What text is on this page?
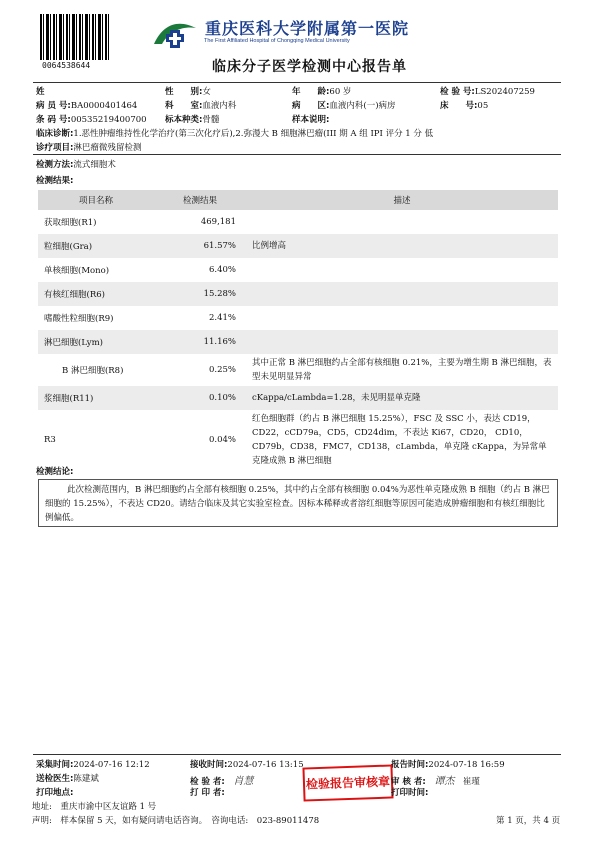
0064538644
重庆医科大学附属第一医院
The First Affiliated Hospital of Chongqing Medical University
临床分子医学检测中心报告单
姓	性　　别:女	年　　龄:60 岁	检 验 号:LS202407259
病 员 号:BA0000401464	科　　室:血液内科	病　　区:血液内科(一)病房	床　　号:05
条 码 号:00535219400700 标本种类:骨髓	样本说明:
临床诊断:1.恶性肿瘤维持性化学治疗(第三次化疗后),2.弥漫大 B 细胞淋巴瘤(III 期 A 组 IPI 评分 1 分 低
诊疗项目:淋巴瘤微残留检测
检测方法:流式细胞术
检测结果:
项目名称	检测结果	描述
获取细胞(R1)	469,181	
粒细胞(Gra)	61.57%	比例增高
单核细胞(Mono)	6.40%	
有核红细胞(R6)	15.28%	
嗜酸性粒细胞(R9)	2.41%	
淋巴细胞(Lym)	11.16%	
B 淋巴细胞(R8)	0.25%	其中正常 B 淋巴细胞约占全部有核细胞 0.21%，主要为增生期 B 淋巴细胞，表型未见明显异常
浆细胞(R11)	0.10%	cKappa/cLambda=1.28，未见明显单克隆
R3	0.04%	红色细胞群（约占 B 淋巴细胞 15.25%），FSC 及 SSC 小，表达 CD19，CD22，cCD79a，CD5，CD24dim，不表达 Ki67，CD20， CD10，CD79b，CD38，FMC7，CD138，cLambda，单克隆 cKappa，为异常单克隆成熟 B 淋巴细胞
检测结论:
此次检测范围内，B 淋巴细胞约占全部有核细胞 0.25%，其中约占全部有核细胞 0.04%为恶性单克隆成熟 B 细胞（约占 B 淋巴细胞的 15.25%），不表达 CD20。请结合临床及其它实验室检查。因标本稀释或者溶红细胞等原因可能造成肿瘤细胞和有核红细胞比例偏低。
采集时间:2024-07-16 12:12	接收时间:2024-07-16 13:15	报告时间:2024-07-18 16:59
送检医生:陈建斌	检 验 者:　 肖慧	检验报告审核章 审 核 者:　 谭杰　 崔瑾
打印地点:	打 印 者:	打印时间:
地址:　重庆市渝中区友谊路 1 号
声明:　样本保留 5 天，如有疑问请电话咨询。　咨询电话:　023-89011478	第 1 页，共 4 页
